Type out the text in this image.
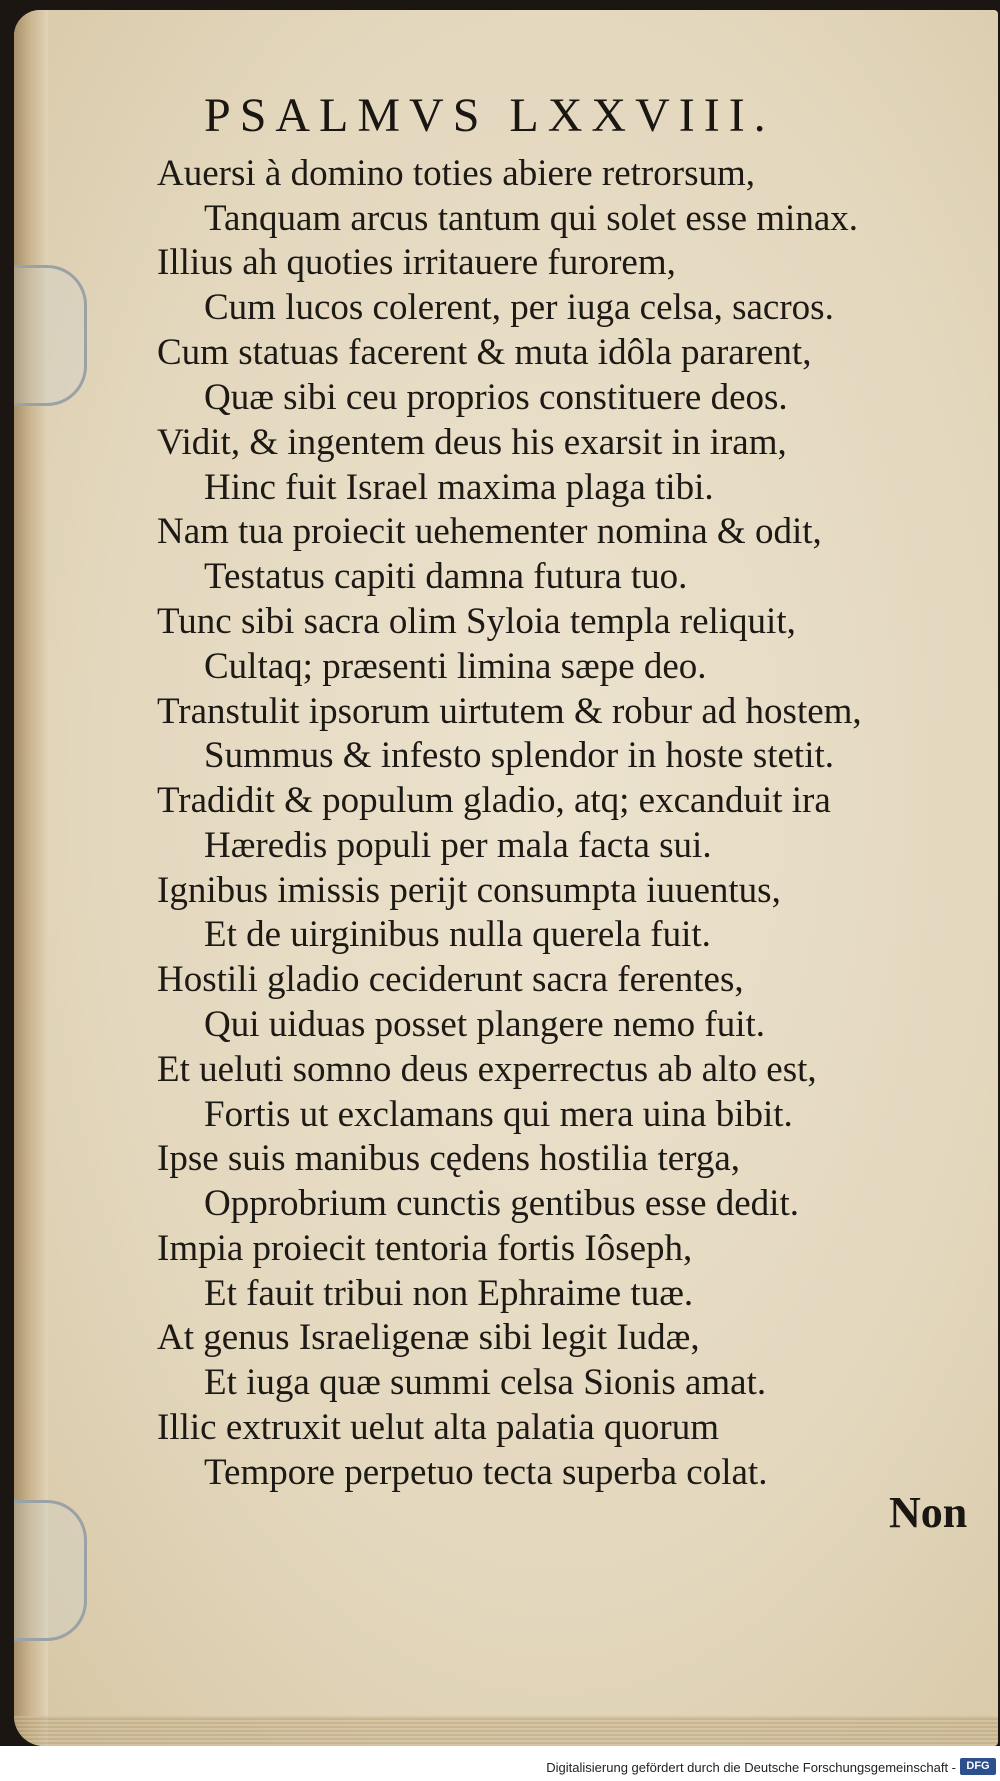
PSALMVS LXXVIII.
Auersi à domino toties abiere retrorsum,
Tanquam arcus tantum qui solet esse minax.
Illius ah quoties irritauere furorem,
Cum lucos colerent, per iuga celsa, sacros.
Cum statuas facerent & muta idôla pararent,
Quæ sibi ceu proprios constituere deos.
Vidit, & ingentem deus his exarsit in iram,
Hinc fuit Israel maxima plaga tibi.
Nam tua proiecit uehementer nomina & odit,
Testatus capiti damna futura tuo.
Tunc sibi sacra olim Syloia templa reliquit,
Cultaq; præsenti limina sæpe deo.
Transtulit ipsorum uirtutem & robur ad hostem,
Summus & infesto splendor in hoste stetit.
Tradidit & populum gladio, atq; excanduit ira
Hæredis populi per mala facta sui.
Ignibus imissis perijt consumpta iuuentus,
Et de uirginibus nulla querela fuit.
Hostili gladio ceciderunt sacra ferentes,
Qui uiduas posset plangere nemo fuit.
Et ueluti somno deus experrectus ab alto est,
Fortis ut exclamans qui mera uina bibit.
Ipse suis manibus cędens hostilia terga,
Opprobrium cunctis gentibus esse dedit.
Impia proiecit tentoria fortis Iôseph,
Et fauit tribui non Ephraime tuæ.
At genus Israeligenæ sibi legit Iudæ,
Et iuga quæ summi celsa Sionis amat.
Illic extruxit uelut alta palatia quorum
Tempore perpetuo tecta superba colat.
Non
Digitalisierung gefördert durch die Deutsche Forschungsgemeinschaft - DFG
